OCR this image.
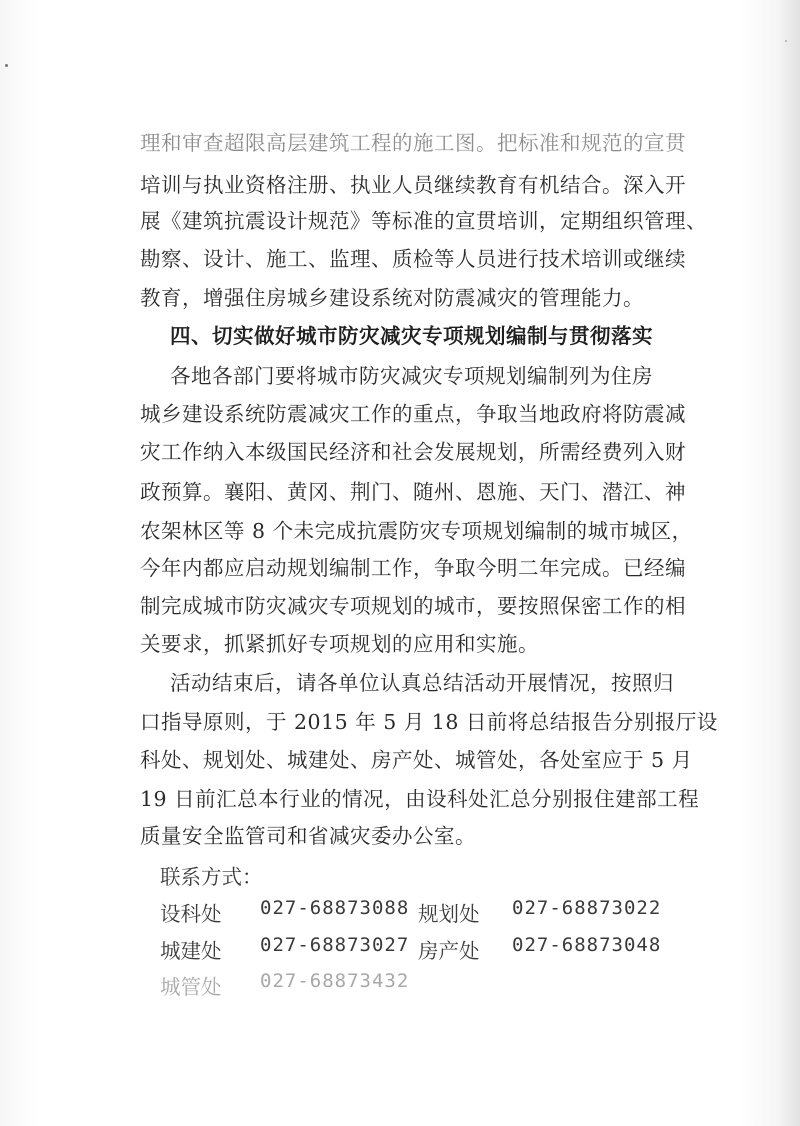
理和审查超限高层建筑工程的施工图。把标准和规范的宣贯
培训与执业资格注册、执业人员继续教育有机结合。深入开
展《建筑抗震设计规范》等标准的宣贯培训，定期组织管理、
勘察、设计、施工、监理、质检等人员进行技术培训或继续
教育，增强住房城乡建设系统对防震减灾的管理能力。
四、切实做好城市防灾减灾专项规划编制与贯彻落实
各地各部门要将城市防灾减灾专项规划编制列为住房
城乡建设系统防震减灾工作的重点，争取当地政府将防震减
灾工作纳入本级国民经济和社会发展规划，所需经费列入财
政预算。襄阳、黄冈、荆门、随州、恩施、天门、潜江、神
农架林区等 8 个未完成抗震防灾专项规划编制的城市城区，
今年内都应启动规划编制工作，争取今明二年完成。已经编
制完成城市防灾减灾专项规划的城市，要按照保密工作的相
关要求，抓紧抓好专项规划的应用和实施。
活动结束后，请各单位认真总结活动开展情况，按照归
口指导原则，于 2015 年 5 月 18 日前将总结报告分别报厅设
科处、规划处、城建处、房产处、城管处，各处室应于 5 月
19 日前汇总本行业的情况，由设科处汇总分别报住建部工程
质量安全监管司和省减灾委办公室。
联系方式：
设科处	027-68873088 规划处	027-68873022
城建处	027-68873027 房产处	027-68873048
城管处	027-68873432
